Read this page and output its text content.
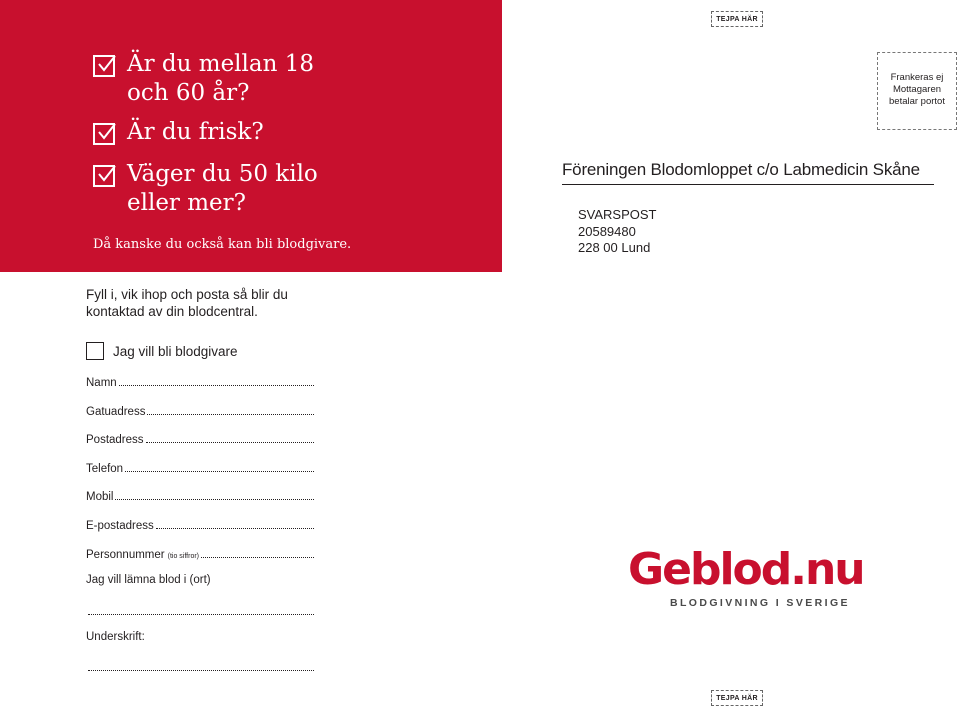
Är du mellan 18
och 60 år?
Är du frisk?
Väger du 50 kilo
eller mer?
Då kanske du också kan bli blodgivare.
TEJPA HÄR
TEJPA HÄR
Frankeras ej
Mottagaren
betalar portot
Föreningen Blodomloppet c/o Labmedicin Skåne
SVARSPOST
20589480
228 00 Lund
Fyll i, vik ihop och posta så blir du
kontaktad av din blodcentral.
Jag vill bli blodgivare
Namn
Gatuadress
Postadress
Telefon
Mobil
E-postadress
Personnummer (tio siffror)
Jag vill lämna blod i (ort)
Underskrift:
Geblod.nu
BLODGIVNING I SVERIGE
